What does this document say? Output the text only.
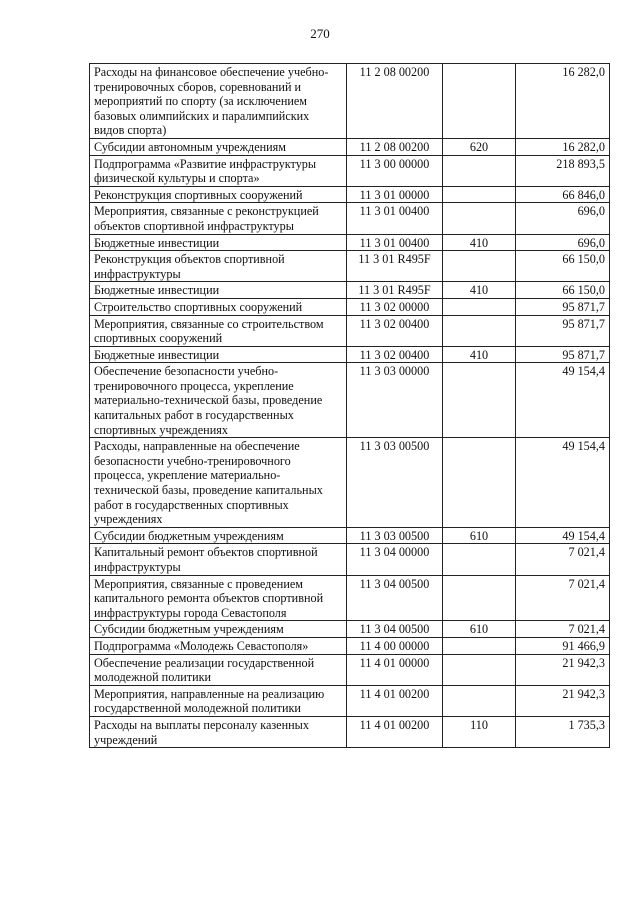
270
Расходы на финансовое обеспечение учебно-тренировочных сборов, соревнований и мероприятий по спорту (за исключением базовых олимпийских и паралимпийских видов спорта)	11 2 08 00200		16 282,0
Субсидии автономным учреждениям	11 2 08 00200	620	16 282,0
Подпрограмма «Развитие инфраструктуры физической культуры и спорта»	11 3 00 00000		218 893,5
Реконструкция спортивных сооружений	11 3 01 00000		66 846,0
Мероприятия, связанные с реконструкцией объектов спортивной инфраструктуры	11 3 01 00400		696,0
Бюджетные инвестиции	11 3 01 00400	410	696,0
Реконструкция объектов спортивной инфраструктуры	11 3 01 R495F		66 150,0
Бюджетные инвестиции	11 3 01 R495F	410	66 150,0
Строительство спортивных сооружений	11 3 02 00000		95 871,7
Мероприятия, связанные со строительством спортивных сооружений	11 3 02 00400		95 871,7
Бюджетные инвестиции	11 3 02 00400	410	95 871,7
Обеспечение безопасности учебно-тренировочного процесса, укрепление материально-технической базы, проведение капитальных работ в государственных спортивных учреждениях	11 3 03 00000		49 154,4
Расходы, направленные на обеспечение безопасности учебно-тренировочного процесса, укрепление материально-технической базы, проведение капитальных работ в государственных спортивных учреждениях	11 3 03 00500		49 154,4
Субсидии бюджетным учреждениям	11 3 03 00500	610	49 154,4
Капитальный ремонт объектов спортивной инфраструктуры	11 3 04 00000		7 021,4
Мероприятия, связанные с проведением капитального ремонта объектов спортивной инфраструктуры города Севастополя	11 3 04 00500		7 021,4
Субсидии бюджетным учреждениям	11 3 04 00500	610	7 021,4
Подпрограмма «Молодежь Севастополя»	11 4 00 00000		91 466,9
Обеспечение реализации государственной молодежной политики	11 4 01 00000		21 942,3
Мероприятия, направленные на реализацию государственной молодежной политики	11 4 01 00200		21 942,3
Расходы на выплаты персоналу казенных учреждений	11 4 01 00200	110	1 735,3
